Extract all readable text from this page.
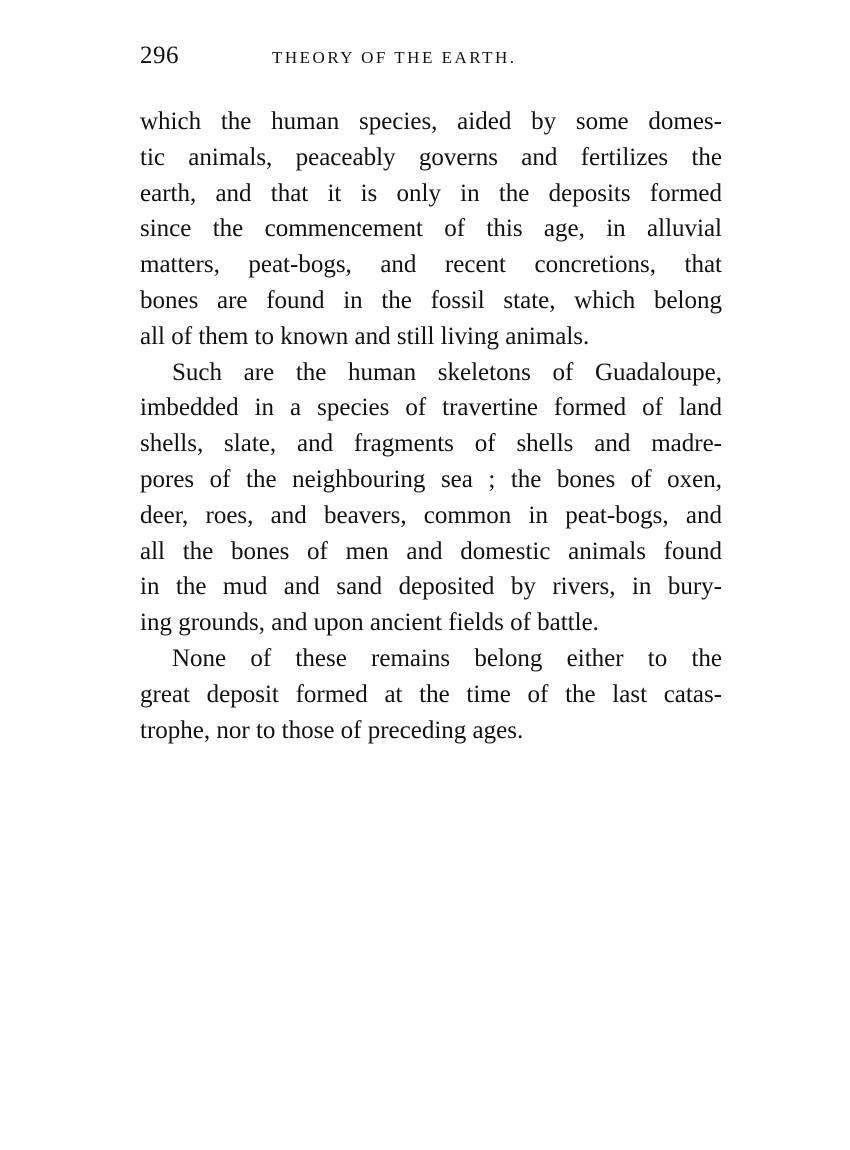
296	THEORY OF THE EARTH.
which the human species, aided by some domes-
tic animals, peaceably governs and fertilizes the
earth, and that it is only in the deposits formed
since the commencement of this age, in alluvial
matters, peat-bogs, and recent concretions, that
bones are found in the fossil state, which belong
all of them to known and still living animals.
Such are the human skeletons of Guadaloupe,
imbedded in a species of travertine formed of land
shells, slate, and fragments of shells and madre-
pores of the neighbouring sea ; the bones of oxen,
deer, roes, and beavers, common in peat-bogs, and
all the bones of men and domestic animals found
in the mud and sand deposited by rivers, in bury-
ing grounds, and upon ancient fields of battle.
None of these remains belong either to the
great deposit formed at the time of the last catas-
trophe, nor to those of preceding ages.
